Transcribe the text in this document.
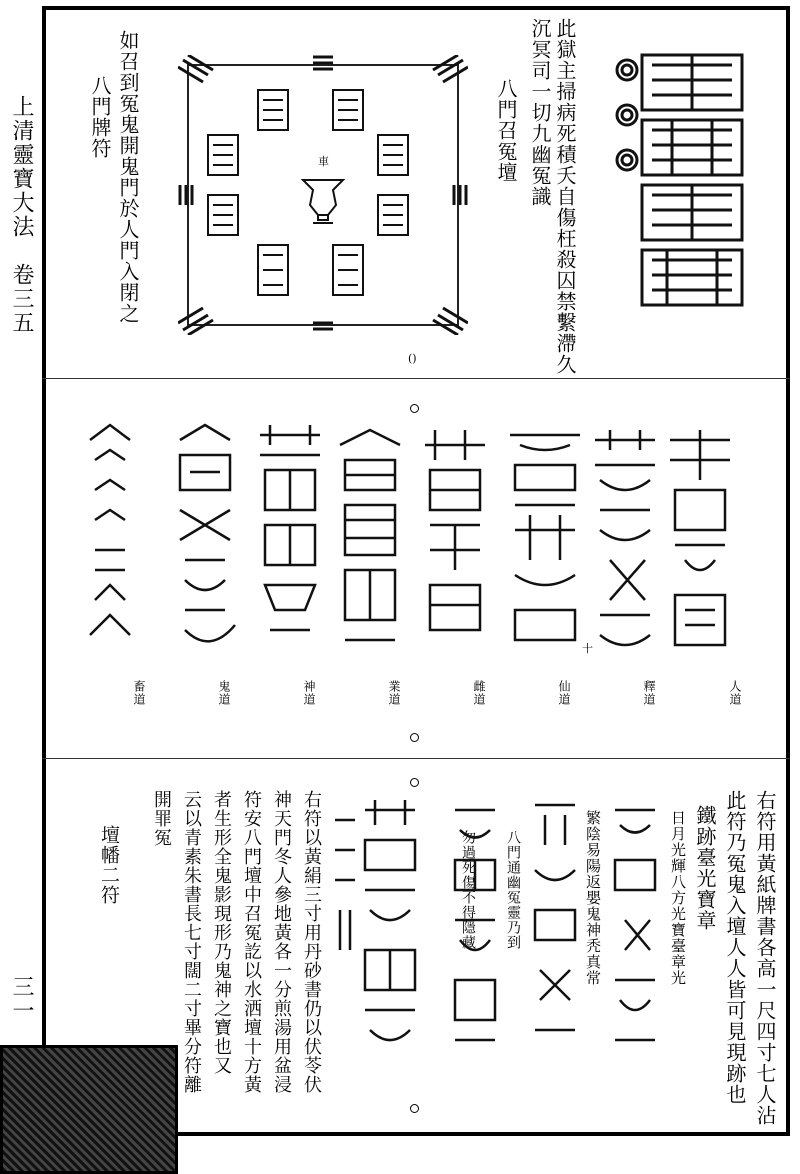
上清靈寶大法　卷三五
三一
此獄主掃病死積夭自傷枉殺囚禁繫滯久
沉冥司一切九幽冤識
八門召冤壇
車
()
如召到冤鬼開鬼門於人門入閉之
八門牌符
人道
釋道
仙道
雌道
業道
神道
鬼道
畜道
十
右符用黃紙牌書各高一尺四寸七人沾
此符乃冤鬼入壇人人皆可見現跡也
鐵跡臺光寶章
日月光輝八方光寶臺章光
繁陰易陽返嬰鬼神秃真常
八門通幽冤靈乃到
勿過死傷不得隱藏
右符以黃絹三寸用丹砂書仍以伏苓伏
神天門冬人參地黃各一分煎湯用盆浸
符安八門壇中召冤訖以水洒壇十方黃
者生形全鬼影現形乃鬼神之寶也又
云以青素朱書長七寸闊二寸畢分符離
開罪冤
壇幡二符
